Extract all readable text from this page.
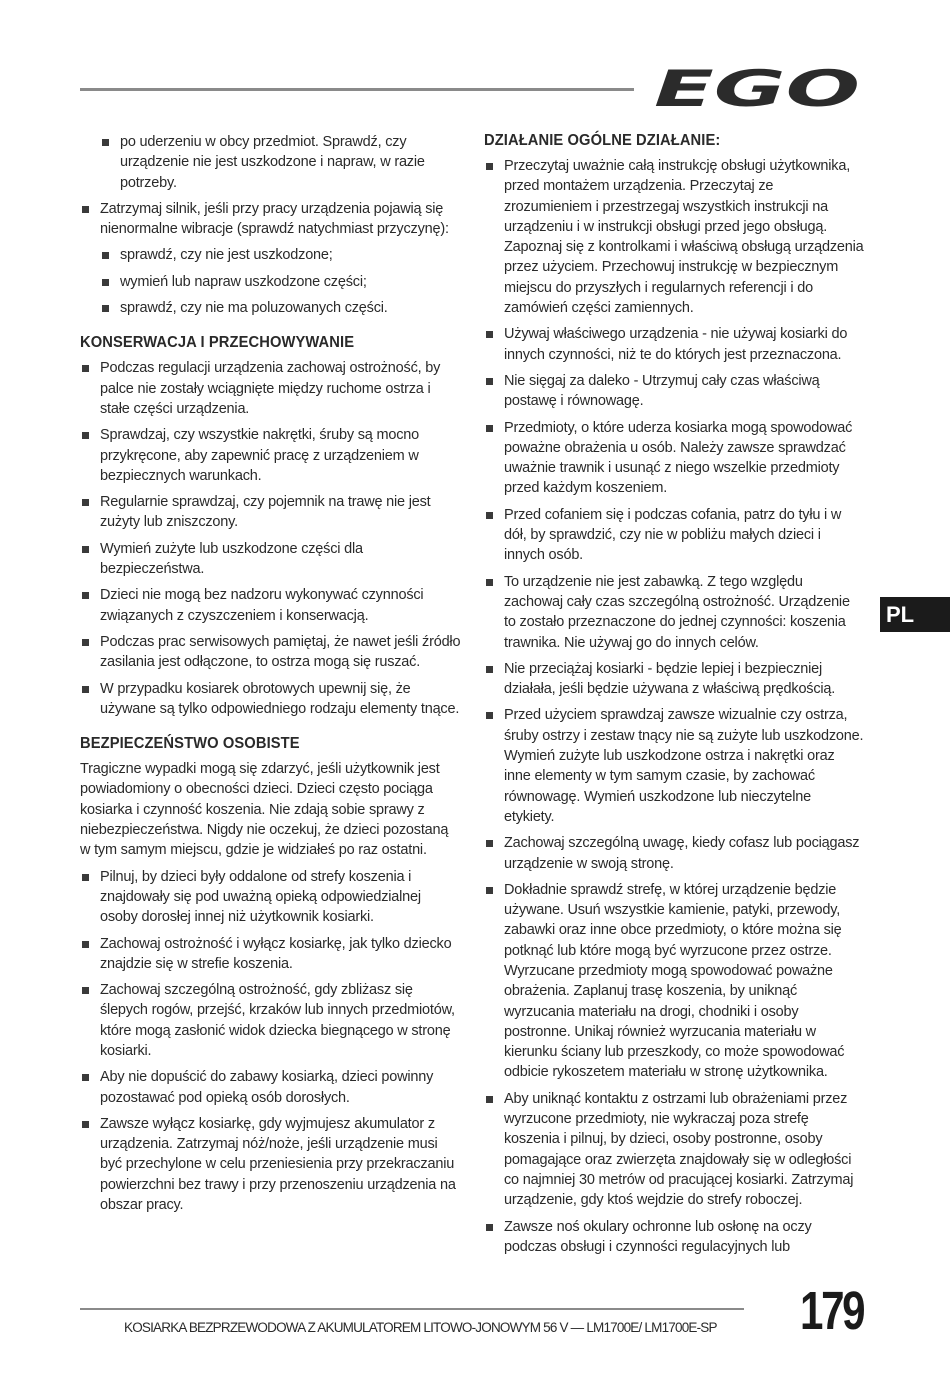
EGO
po uderzeniu w obcy przedmiot. Sprawdź, czy urządzenie nie jest uszkodzone i napraw, w razie potrzeby.
Zatrzymaj silnik, jeśli przy pracy urządzenia pojawią się nienormalne wibracje (sprawdź natychmiast przyczynę):
sprawdź, czy nie jest uszkodzone;
wymień lub napraw uszkodzone części;
sprawdź, czy nie ma poluzowanych części.
KONSERWACJA I PRZECHOWYWANIE
Podczas regulacji urządzenia zachowaj ostrożność, by palce nie zostały wciągnięte między ruchome ostrza i stałe części urządzenia.
Sprawdzaj, czy wszystkie nakrętki, śruby są mocno przykręcone, aby zapewnić pracę z urządzeniem w bezpiecznych warunkach.
Regularnie sprawdzaj, czy pojemnik na trawę nie jest zużyty lub zniszczony.
Wymień zużyte lub uszkodzone części dla bezpieczeństwa.
Dzieci nie mogą bez nadzoru wykonywać czynności związanych z czyszczeniem i konserwacją.
Podczas prac serwisowych pamiętaj, że nawet jeśli źródło zasilania jest odłączone, to ostrza mogą się ruszać.
W przypadku kosiarek obrotowych upewnij się, że używane są tylko odpowiedniego rodzaju elementy tnące.
BEZPIECZEŃSTWO OSOBISTE

Tragiczne wypadki mogą się zdarzyć, jeśli użytkownik jest powiadomiony o obecności dzieci. Dzieci często pociąga kosiarka i czynność koszenia. Nie zdają sobie sprawy z niebezpieczeństwa. Nigdy nie oczekuj, że dzieci pozostaną w tym samym miejscu, gdzie je widziałeś po raz ostatni.

Pilnuj, by dzieci były oddalone od strefy koszenia i znajdowały się pod uważną opieką odpowiedzialnej osoby dorosłej innej niż użytkownik kosiarki.
Zachowaj ostrożność i wyłącz kosiarkę, jak tylko dziecko znajdzie się w strefie koszenia.
Zachowaj szczególną ostrożność, gdy zbliżasz się ślepych rogów, przejść, krzaków lub innych przedmiotów, które mogą zasłonić widok dziecka biegnącego w stronę kosiarki.
Aby nie dopuścić do zabawy kosiarką, dzieci powinny pozostawać pod opieką osób dorosłych.
Zawsze wyłącz kosiarkę, gdy wyjmujesz akumulator z urządzenia. Zatrzymaj nóż/noże, jeśli urządzenie musi być przechylone w celu przeniesienia przy przekraczaniu powierzchni bez trawy i przy przenoszeniu urządzenia na obszar pracy.
DZIAŁANIE OGÓLNE DZIAŁANIE:
Przeczytaj uważnie całą instrukcję obsługi użytkownika, przed montażem urządzenia. Przeczytaj ze zrozumieniem i przestrzegaj wszystkich instrukcji na urządzeniu i w instrukcji obsługi przed jego obsługą. Zapoznaj się z kontrolkami i właściwą obsługą urządzenia przez użyciem. Przechowuj instrukcję w bezpiecznym miejscu do przyszłych i regularnych referencji i do zamówień części zamiennych.
Używaj właściwego urządzenia - nie używaj kosiarki do innych czynności, niż te do których jest przeznaczona.
Nie sięgaj za daleko - Utrzymuj cały czas właściwą postawę i równowagę.
Przedmioty, o które uderza kosiarka mogą spowodować poważne obrażenia u osób. Należy zawsze sprawdzać uważnie trawnik i usunąć z niego wszelkie przedmioty przed każdym koszeniem.
Przed cofaniem się i podczas cofania, patrz do tyłu i w dół, by sprawdzić, czy nie w pobliżu małych dzieci i innych osób.
To urządzenie nie jest zabawką. Z tego względu zachowaj cały czas szczególną ostrożność. Urządzenie to zostało przeznaczone do jednej czynności: koszenia trawnika. Nie używaj go do innych celów.
Nie przeciążaj kosiarki - będzie lepiej i bezpieczniej działała, jeśli będzie używana z właściwą prędkością.
Przed użyciem sprawdzaj zawsze wizualnie czy ostrza, śruby ostrzy i zestaw tnący nie są zużyte lub uszkodzone. Wymień zużyte lub uszkodzone ostrza i nakrętki oraz inne elementy w tym samym czasie, by zachować równowagę. Wymień uszkodzone lub nieczytelne etykiety.
Zachowaj szczególną uwagę, kiedy cofasz lub pociągasz urządzenie w swoją stronę.
Dokładnie sprawdź strefę, w której urządzenie będzie używane. Usuń wszystkie kamienie, patyki, przewody, zabawki oraz inne obce przedmioty, o które można się potknąć lub które mogą być wyrzucone przez ostrze. Wyrzucane przedmioty mogą spowodować poważne obrażenia. Zaplanuj trasę koszenia, by uniknąć wyrzucania materiału na drogi, chodniki i osoby postronne. Unikaj również wyrzucania materiału w kierunku ściany lub przeszkody, co może spowodować odbicie rykoszetem materiału w stronę użytkownika.
Aby uniknąć kontaktu z ostrzami lub obrażeniami przez wyrzucone przedmioty, nie wykraczaj poza strefę koszenia i pilnuj, by dzieci, osoby postronne, osoby pomagające oraz zwierzęta znajdowały się w odległości co najmniej 30 metrów od pracującej kosiarki. Zatrzymaj urządzenie, gdy ktoś wejdzie do strefy roboczej.
Zawsze noś okulary ochronne lub osłonę na oczy podczas obsługi i czynności regulacyjnych lub
PL
KOSIARKA BEZPRZEWODOWA Z AKUMULATOREM LITOWO-JONOWYM 56 V — LM1700E/ LM1700E-SP	179
